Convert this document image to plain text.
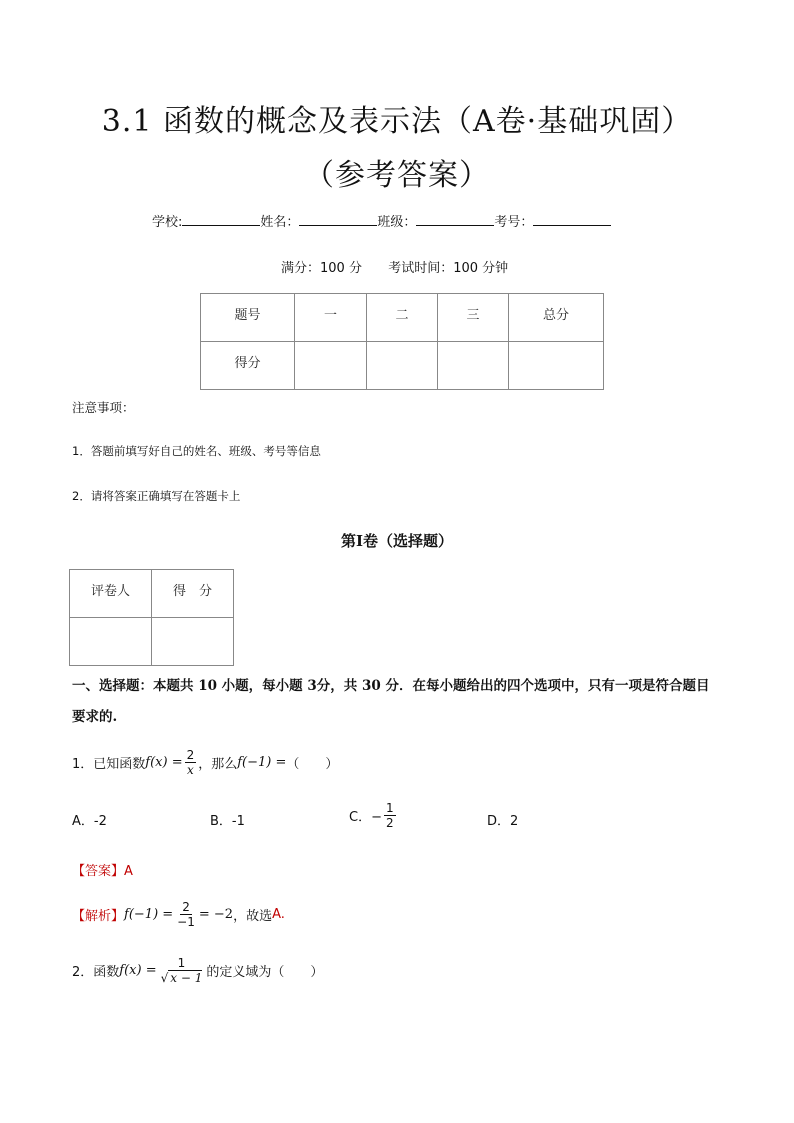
3.1 函数的概念及表示法（A卷·基础巩固）
（参考答案）
学校:	姓名：	班级：	考号：
满分：100 分 考试时间：100 分钟
题号	一	二	三	总分
得分				
注意事项：
1．答题前填写好自己的姓名、班级、考号等信息
2．请将答案正确填写在答题卡上
第I卷（选择题）
评卷人	得　分

一、选择题：本题共 10 小题，每小题 3分，共 30 分．在每小题给出的四个选项中，只有一项是符合题目
要求的.
1．已知函数 $f(x) = \frac{2}{x}$ ，那么 f(−1) = （　　）
A．-2	B．-1	C．− $\frac{1}{2}$	D．2
【答案】A
【解析】 $f(-1) = \frac{2}{-1} = -2$ ，故选 A.
2．函数 $f(x) = \frac{1}{√ x - 1}$ 的定义域为（　　）
